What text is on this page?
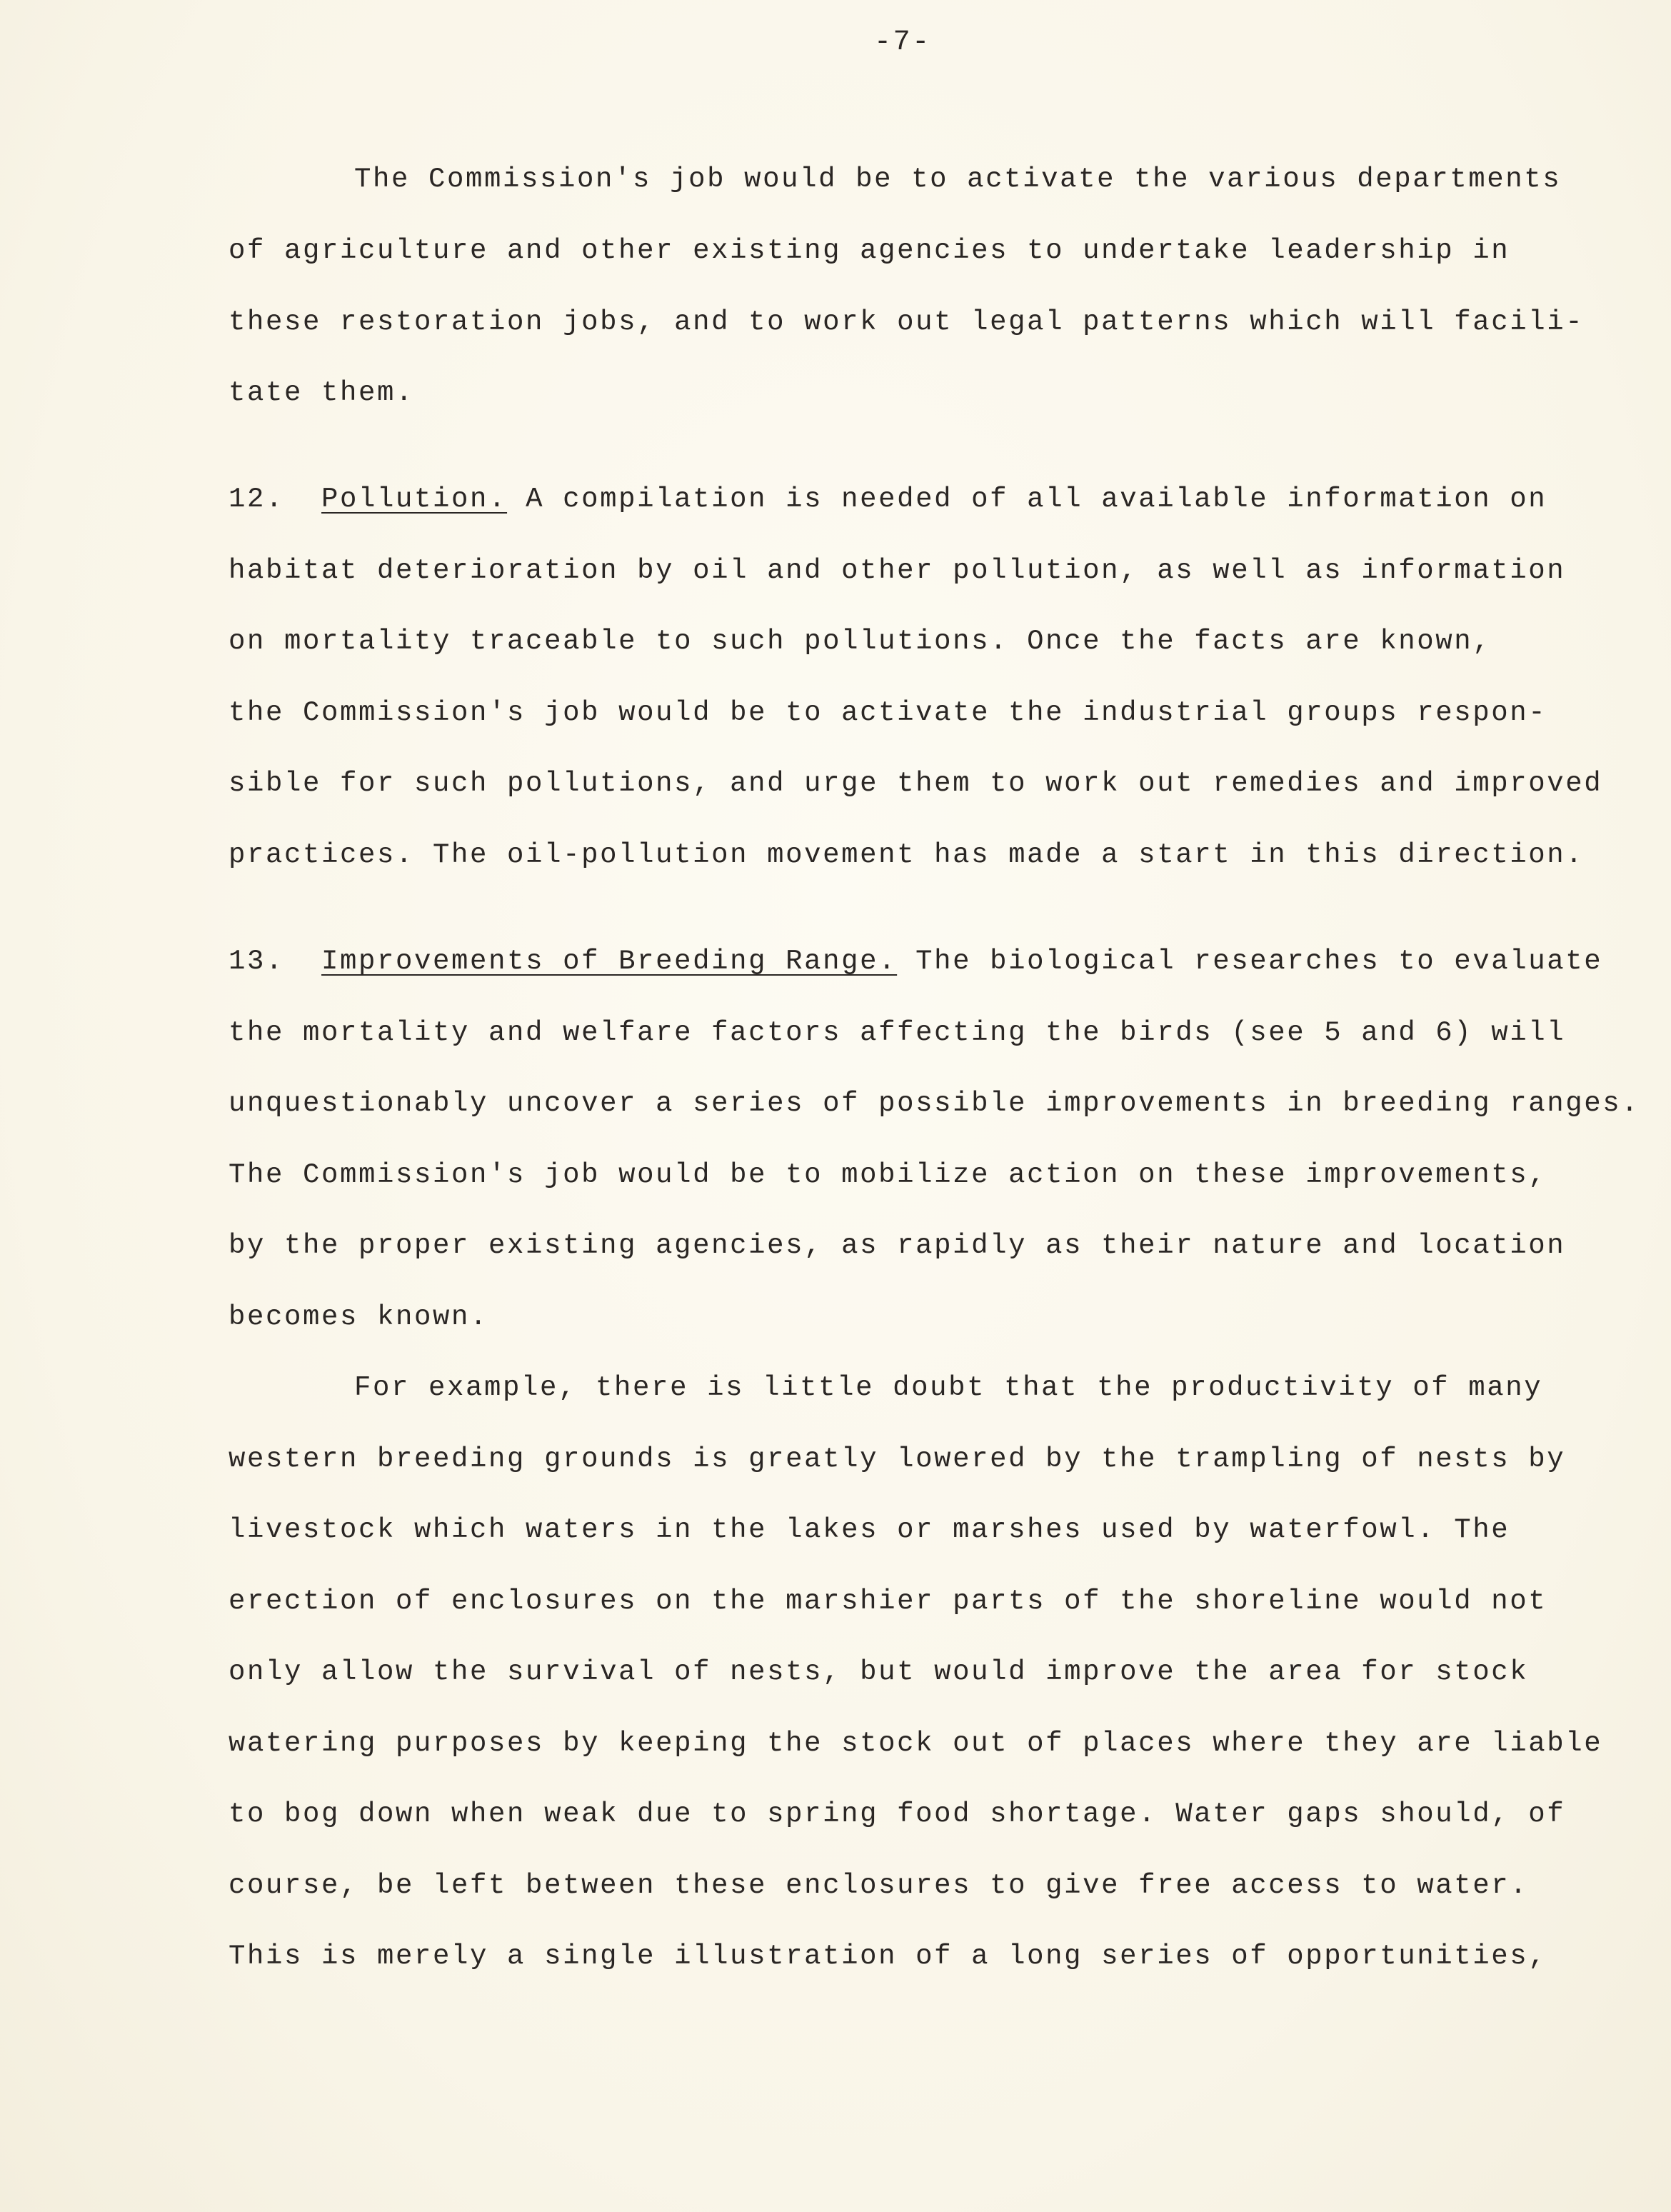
-7-
The Commission's job would be to activate the various departments
of agriculture and other existing agencies to undertake leadership in
these restoration jobs, and to work out legal patterns which will facili-
tate them.
12. Pollution. A compilation is needed of all available information on
habitat deterioration by oil and other pollution, as well as information
on mortality traceable to such pollutions. Once the facts are known,
the Commission's job would be to activate the industrial groups respon-
sible for such pollutions, and urge them to work out remedies and improved
practices. The oil-pollution movement has made a start in this direction.
13. Improvements of Breeding Range. The biological researches to evaluate
the mortality and welfare factors affecting the birds (see 5 and 6) will
unquestionably uncover a series of possible improvements in breeding ranges.
The Commission's job would be to mobilize action on these improvements,
by the proper existing agencies, as rapidly as their nature and location
becomes known.
For example, there is little doubt that the productivity of many
western breeding grounds is greatly lowered by the trampling of nests by
livestock which waters in the lakes or marshes used by waterfowl. The
erection of enclosures on the marshier parts of the shoreline would not
only allow the survival of nests, but would improve the area for stock
watering purposes by keeping the stock out of places where they are liable
to bog down when weak due to spring food shortage. Water gaps should, of
course, be left between these enclosures to give free access to water.
This is merely a single illustration of a long series of opportunities,
